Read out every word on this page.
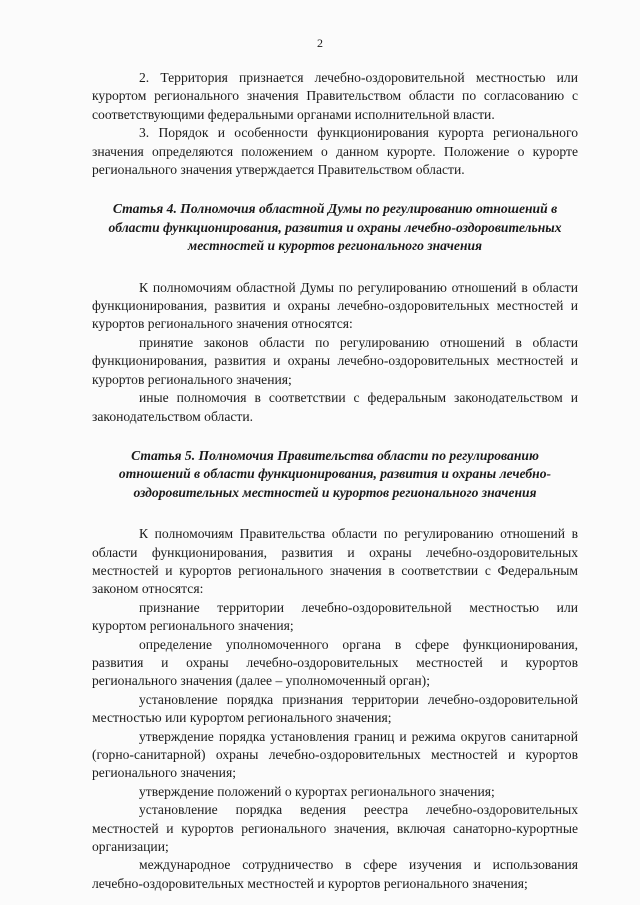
2

2. Территория признается лечебно-оздоровительной местностью или курортом регионального значения Правительством области по согласованию с соответствующими федеральными органами исполнительной власти.

3. Порядок и особенности функционирования курорта регионального значения определяются положением о данном курорте. Положение о курорте регионального значения утверждается Правительством области.

Статья 4. Полномочия областной Думы по регулированию отношений в области функционирования, развития и охраны лечебно-оздоровительных местностей и курортов регионального значения

К полномочиям областной Думы по регулированию отношений в области функционирования, развития и охраны лечебно-оздоровительных местностей и курортов регионального значения относятся:

принятие законов области по регулированию отношений в области функционирования, развития и охраны лечебно-оздоровительных местностей и курортов регионального значения;

иные полномочия в соответствии с федеральным законодательством и законодательством области.

Статья 5. Полномочия Правительства области по регулированию отношений в области функционирования, развития и охраны лечебно-оздоровительных местностей и курортов регионального значения

К полномочиям Правительства области по регулированию отношений в области функционирования, развития и охраны лечебно-оздоровительных местностей и курортов регионального значения в соответствии с Федеральным законом относятся:

признание территории лечебно-оздоровительной местностью или курортом регионального значения;

определение уполномоченного органа в сфере функционирования, развития и охраны лечебно-оздоровительных местностей и курортов регионального значения (далее – уполномоченный орган);

установление порядка признания территории лечебно-оздоровительной местностью или курортом регионального значения;

утверждение порядка установления границ и режима округов санитарной (горно-санитарной) охраны лечебно-оздоровительных местностей и курортов регионального значения;

утверждение положений о курортах регионального значения;

установление порядка ведения реестра лечебно-оздоровительных местностей и курортов регионального значения, включая санаторно-курортные организации;

международное сотрудничество в сфере изучения и использования лечебно-оздоровительных местностей и курортов регионального значения;
